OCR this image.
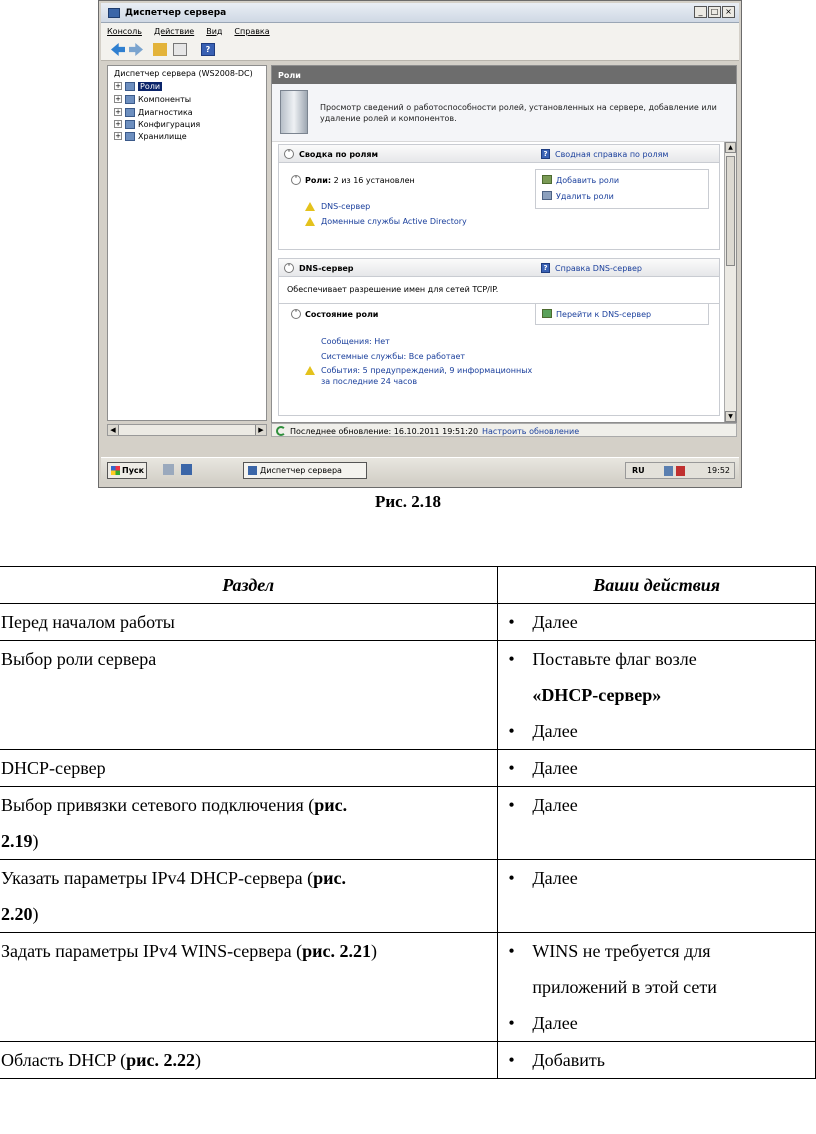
Диспетчер сервера	_	□ ×
Консоль Действие Вид Справка
?
Диспетчер сервера (WS2008-DC)
+ Роли
+ Компоненты
+ Диагностика
+ Конфигурация
+ Хранилище
◀	▶
Роли
Просмотр сведений о работоспособности ролей, установленных на сервере, добавление или удаление ролей и компонентов.
ˆ	Сводка по ролям	? Сводная справка по ролям
ˆ Роли: 2 из 16 установлен	Добавить роли
Удалить роли
DNS-сервер
Доменные службы Active Directory
ˆ	DNS-сервер	? Справка DNS-сервер
Обеспечивает разрешение имен для сетей TCP/IP.
ˆ Состояние роли	Перейти к DNS-сервер
Сообщения: Нет
Системные службы: Все работает
События: 5 предупреждений, 9 информационных
за последние 24 часов
▲
▼
Последнее обновление: 16.10.2011 19:51:20 Настроить обновление
Пуск	Диспетчер сервера	RU	19:52
Рис. 2.18
Раздел	Ваши действия
Перед началом работы	• Далее

Выбор роли сервера	• Поставьте флаг возле
«DHCP-сервер»
• Далее

DHCP-сервер	• Далее

Выбор привязки сетевого подключения (рис.
2.19)	• Далее

Указать параметры IPv4 DHCP-сервера (рис.
2.20)	• Далее

Задать параметры IPv4 WINS-сервера (рис. 2.21)	• WINS не требуется для
приложений в этой сети
• Далее

Область DHCP (рис. 2.22)	• Добавить
